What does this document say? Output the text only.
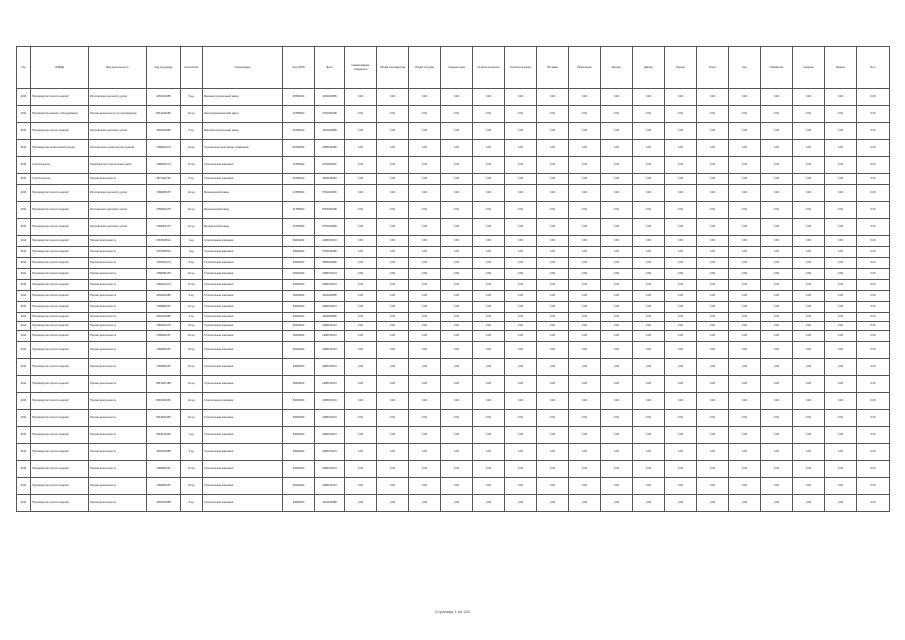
Год	ОКВЭД	Вид деятельности	Код продукции	Количество	Организация	Код ОКПО	Доля	Наименование показателя	Объём производства	Объём отгрузки	Средняя цена	Остатки на начало	Остатки на конец	Поставки	Реализация	Экспорт	Импорт	Прочие	Итого	Код	Показатель	Среднее	Запасы	Итог
2011	Производство прочих изделий	Изготовление деталей и узлов	4254022685	5 ед.	Машиностроительный завод	45780400	4254022685	0.00	0.00	0.00	0.00	0.00	0.00	0.00	0.00	0.00	0.00	0.00	0.00	0.00	0.00	0.00	0.00	0.00
2011	Производство машин и оборудования	Прочая деятельность по производству	5312024086	10 ед.	Электромеханический завод	14785600	3754024086	0.00	0.00	0.00	0.00	0.00	0.00	0.00	0.00	0.00	0.00	0.00	0.00	0.00	0.00	0.00	0.00	0.00
2011	Производство прочих изделий	Изготовление деталей и узлов	4254022685	5 ед.	Машиностроительный завод	45780400	4254022685	0.00	0.00	0.00	0.00	0.00	0.00	0.00	0.00	0.00	0.00	0.00	0.00	0.00	0.00	0.00	0.00	0.00
2011	Производство металлоконструкций	Изготовление и монтаж конструкций	7288402174	10 ед.	Строительно-монтажное управление	45780400	1485024686	0.00	0.00	0.00	0.00	0.00	0.00	0.00	0.00	0.00	0.00	0.00	0.00	0.00	0.00	0.00	0.00	0.00
2011	Строительство	Производство строительных работ	7288402174	10 ед.	Строительная компания	14785600	6751284697	0.00	0.00	0.00	0.00	0.00	0.00	0.00	0.00	0.00	0.00	0.00	0.00	0.00	0.00	0.00	0.00	0.00
2011	Строительство	Прочая деятельность	7871021750	5 ед.	Строительная компания	45780400	4252244863	0.00	0.00	0.00	0.00	0.00	0.00	0.00	0.00	0.00	0.00	0.00	0.00	0.00	0.00	0.00	0.00	0.00
2011	Производство прочих изделий	Изготовление деталей и узлов	7289383157	10 ед.	Механический завод	14785600	5752024086	0.00	0.00	0.00	0.00	0.00	0.00	0.00	0.00	0.00	0.00	0.00	0.00	0.00	0.00	0.00	0.00	0.00
2011	Производство прочих изделий	Изготовление деталей и узлов	7083002175	10 ед.	Механический завод	21785600	5752024086	0.00	0.00	0.00	0.00	0.00	0.00	0.00	0.00	0.00	0.00	0.00	0.00	0.00	0.00	0.00	0.00	0.00
2011	Производство прочих изделий	Изготовление деталей и узлов	7083002175	10 ед.	Механический завод	14785600	5752024086	0.00	0.00	0.00	0.00	0.00	0.00	0.00	0.00	0.00	0.00	0.00	0.00	0.00	0.00	0.00	0.00	0.00
2011	Производство прочих изделий	Прочая деятельность	6715000512	1 ед.	Строительная компания	54600200	2285070213	0.00	0.00	0.00	0.00	0.00	0.00	0.00	0.00	0.00	0.00	0.00	0.00	0.00	0.00	0.00	0.00	0.00
2011	Производство прочих изделий	Прочая деятельность	6715000512	1 ед.	Строительная компания	54600200	5755024086	0.00	0.00	0.00	0.00	0.00	0.00	0.00	0.00	0.00	0.00	0.00	0.00	0.00	0.00	0.00	0.00	0.00
2011	Производство прочих изделий	Прочая деятельность	7423402174	5 ед.	Строительная компания	54600200	3485024086	0.00	0.00	0.00	0.00	0.00	0.00	0.00	0.00	0.00	0.00	0.00	0.00	0.00	0.00	0.00	0.00	0.00
2011	Производство прочих изделий	Прочая деятельность	7289384135	10 ед.	Строительная компания	54600200	2285070213	0.00	0.00	0.00	0.00	0.00	0.00	0.00	0.00	0.00	0.00	0.00	0.00	0.00	0.00	0.00	0.00	0.00
2011	Производство прочих изделий	Прочая деятельность	7082402174	10 ед.	Строительная компания	54600200	2285070213	0.00	0.00	0.00	0.00	0.00	0.00	0.00	0.00	0.00	0.00	0.00	0.00	0.00	0.00	0.00	0.00	0.00
2011	Производство прочих изделий	Прочая деятельность	4254022685	5 ед.	Строительная компания	54600200	4254022685	0.00	0.00	0.00	0.00	0.00	0.00	0.00	0.00	0.00	0.00	0.00	0.00	0.00	0.00	0.00	0.00	0.00
2011	Производство прочих изделий	Прочая деятельность	7289383157	10 ед.	Строительная компания	54600200	2285070213	0.00	0.00	0.00	0.00	0.00	0.00	0.00	0.00	0.00	0.00	0.00	0.00	0.00	0.00	0.00	0.00	0.00
2011	Производство прочих изделий	Прочая деятельность	4254022685	5 ед.	Строительная компания	54600200	4254022685	0.00	0.00	0.00	0.00	0.00	0.00	0.00	0.00	0.00	0.00	0.00	0.00	0.00	0.00	0.00	0.00	0.00
2011	Производство прочих изделий	Прочая деятельность	7082402174	10 ед.	Строительная компания	54600200	2285070213	0.00	0.00	0.00	0.00	0.00	0.00	0.00	0.00	0.00	0.00	0.00	0.00	0.00	0.00	0.00	0.00	0.00
2011	Производство прочих изделий	Прочая деятельность	7289383157	10 ед.	Строительная компания	54600200	2285070213	0.00	0.00	0.00	0.00	0.00	0.00	0.00	0.00	0.00	0.00	0.00	0.00	0.00	0.00	0.00	0.00	0.00
2011	Производство прочих изделий	Прочая деятельность	7289383157	10 ед.	Строительная компания	54600200	2285070213	0.00	0.00	0.00	0.00	0.00	0.00	0.00	0.00	0.00	0.00	0.00	0.00	0.00	0.00	0.00	0.00	0.00
2011	Производство прочих изделий	Прочая деятельность	7289383157	10 ед.	Строительная компания	54600200	2285070213	0.00	0.00	0.00	0.00	0.00	0.00	0.00	0.00	0.00	0.00	0.00	0.00	0.00	0.00	0.00	0.00	0.00
2011	Производство прочих изделий	Прочая деятельность	8513067288	10 ед.	Строительная компания	54600200	2285070213	0.00	0.00	0.00	0.00	0.00	0.00	0.00	0.00	0.00	0.00	0.00	0.00	0.00	0.00	0.00	0.00	0.00
2011	Производство прочих изделий	Прочая деятельность	8319602354	10 ед.	Строительная компания	54600200	2285070213	0.00	0.00	0.00	0.00	0.00	0.00	0.00	0.00	0.00	0.00	0.00	0.00	0.00	0.00	0.00	0.00	0.00
2011	Производство прочих изделий	Прочая деятельность	8319602354	10 ед.	Строительная компания	54600200	2285070213	0.00	0.00	0.00	0.00	0.00	0.00	0.00	0.00	0.00	0.00	0.00	0.00	0.00	0.00	0.00	0.00	0.00
2011	Производство прочих изделий	Прочая деятельность	5015126418	1 ед.	Строительная компания	54600200	2285070213	0.00	0.00	0.00	0.00	0.00	0.00	0.00	0.00	0.00	0.00	0.00	0.00	0.00	0.00	0.00	0.00	0.00
2011	Производство прочих изделий	Прочая деятельность	4254022685	5 ед.	Строительная компания	54600200	2285070213	0.00	0.00	0.00	0.00	0.00	0.00	0.00	0.00	0.00	0.00	0.00	0.00	0.00	0.00	0.00	0.00	0.00
2011	Производство прочих изделий	Прочая деятельность	7289383157	10 ед.	Строительная компания	54600200	2285070213	0.00	0.00	0.00	0.00	0.00	0.00	0.00	0.00	0.00	0.00	0.00	0.00	0.00	0.00	0.00	0.00	0.00
2011	Производство прочих изделий	Прочая деятельность	7289383157	10 ед.	Строительная компания	54600200	2285070213	0.00	0.00	0.00	0.00	0.00	0.00	0.00	0.00	0.00	0.00	0.00	0.00	0.00	0.00	0.00	0.00	0.00
2011	Производство прочих изделий	Прочая деятельность	4254022685	5 ед.	Строительная компания	54600200	4254022685	0.00	0.00	0.00	0.00	0.00	0.00	0.00	0.00	0.00	0.00	0.00	0.00	0.00	0.00	0.00	0.00	0.00
Страница 1 из 128
